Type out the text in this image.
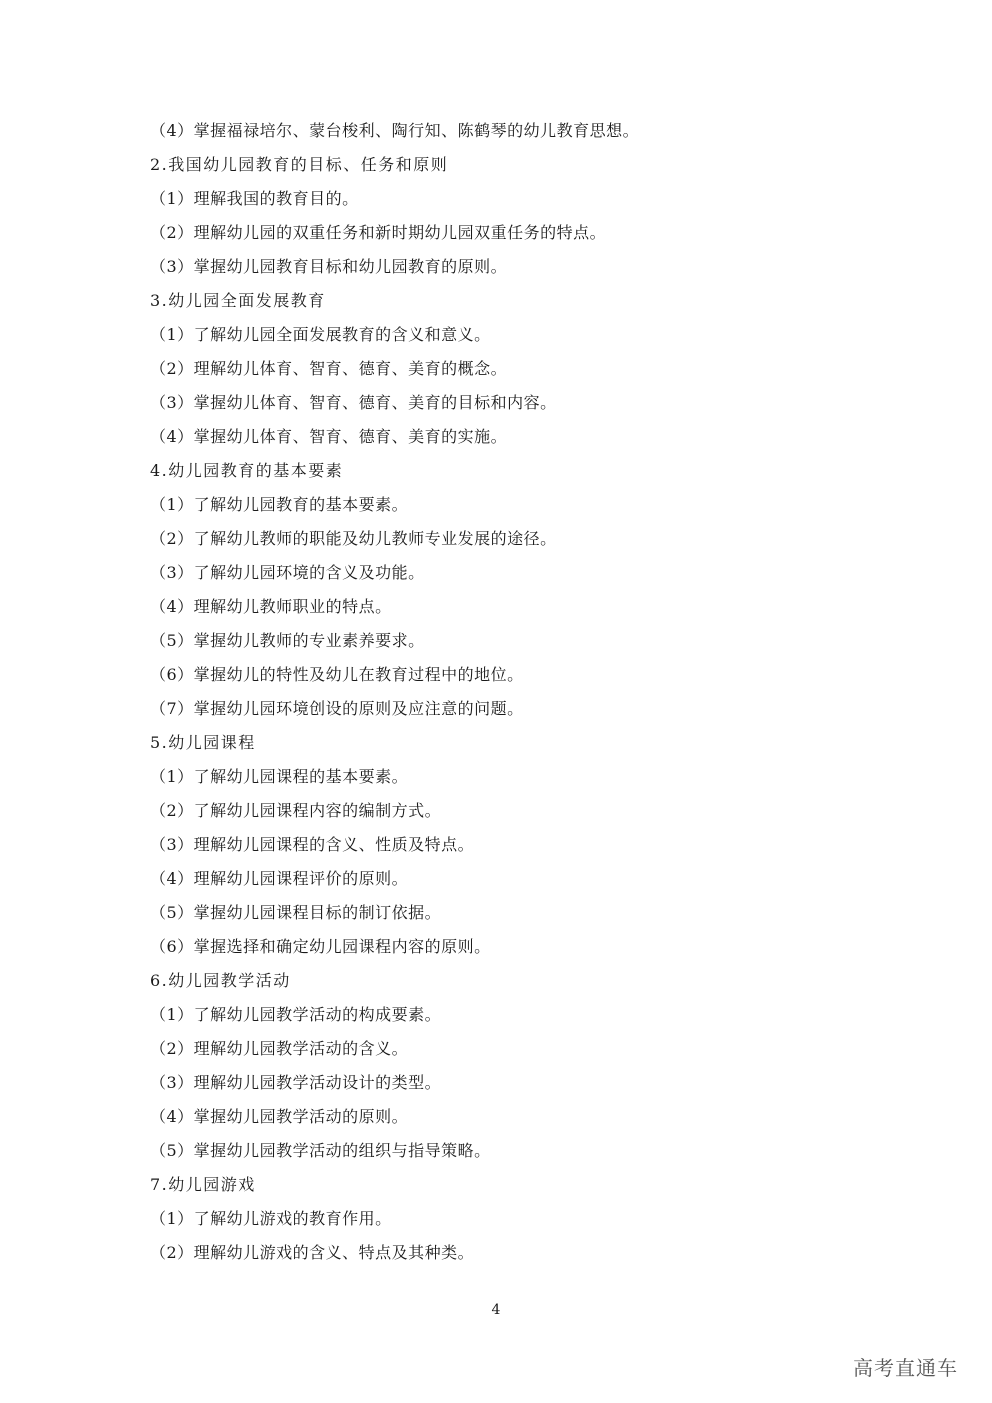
（4）掌握福禄培尔、蒙台梭利、陶行知、陈鹤琴的幼儿教育思想。
2.我国幼儿园教育的目标、任务和原则
（1）理解我国的教育目的。
（2）理解幼儿园的双重任务和新时期幼儿园双重任务的特点。
（3）掌握幼儿园教育目标和幼儿园教育的原则。
3.幼儿园全面发展教育
（1）了解幼儿园全面发展教育的含义和意义。
（2）理解幼儿体育、智育、德育、美育的概念。
（3）掌握幼儿体育、智育、德育、美育的目标和内容。
（4）掌握幼儿体育、智育、德育、美育的实施。
4.幼儿园教育的基本要素
（1）了解幼儿园教育的基本要素。
（2）了解幼儿教师的职能及幼儿教师专业发展的途径。
（3）了解幼儿园环境的含义及功能。
（4）理解幼儿教师职业的特点。
（5）掌握幼儿教师的专业素养要求。
（6）掌握幼儿的特性及幼儿在教育过程中的地位。
（7）掌握幼儿园环境创设的原则及应注意的问题。
5.幼儿园课程
（1）了解幼儿园课程的基本要素。
（2）了解幼儿园课程内容的编制方式。
（3）理解幼儿园课程的含义、性质及特点。
（4）理解幼儿园课程评价的原则。
（5）掌握幼儿园课程目标的制订依据。
（6）掌握选择和确定幼儿园课程内容的原则。
6.幼儿园教学活动
（1）了解幼儿园教学活动的构成要素。
（2）理解幼儿园教学活动的含义。
（3）理解幼儿园教学活动设计的类型。
（4）掌握幼儿园教学活动的原则。
（5）掌握幼儿园教学活动的组织与指导策略。
7.幼儿园游戏
（1）了解幼儿游戏的教育作用。
（2）理解幼儿游戏的含义、特点及其种类。
4
高考直通车
